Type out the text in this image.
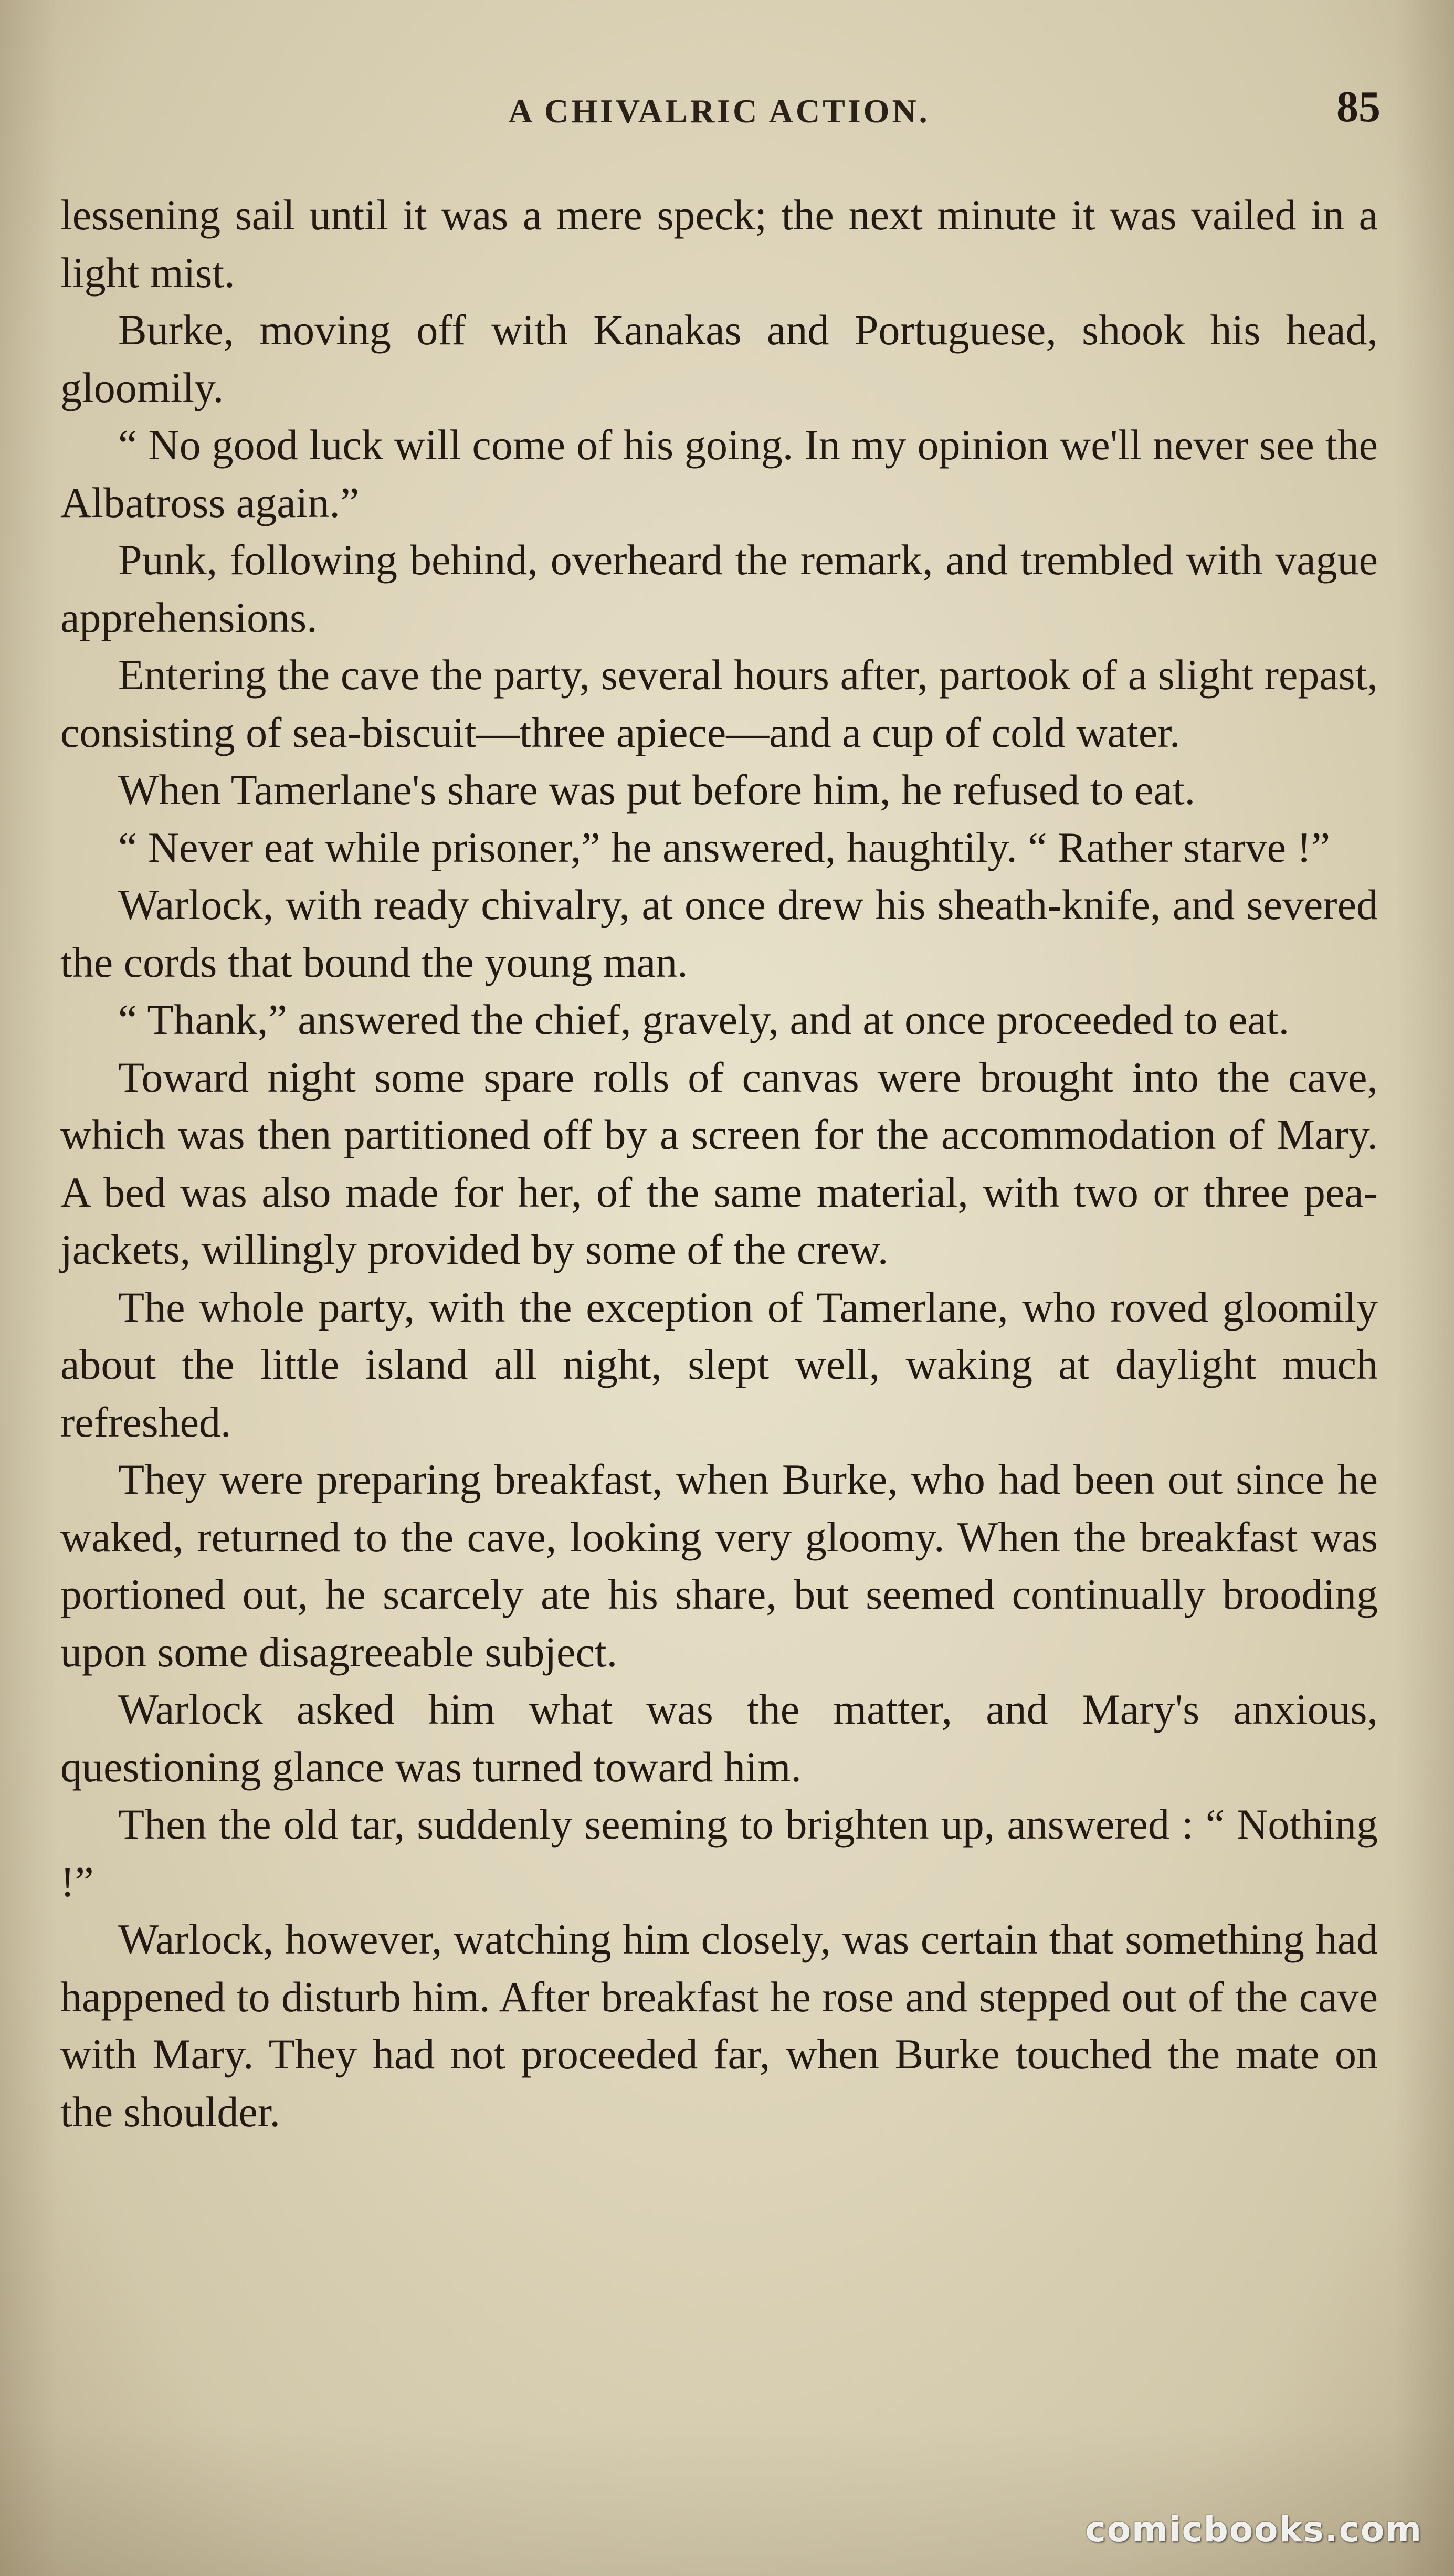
A CHIVALRIC ACTION.	85

lessening sail until it was a mere speck; the next minute it was vailed in a light mist.

Burke, moving off with Kanakas and Portuguese, shook his head, gloomily.

“ No good luck will come of his going. In my opinion we'll never see the Albatross again.”

Punk, following behind, overheard the remark, and trembled with vague apprehensions.

Entering the cave the party, several hours after, partook of a slight repast, consisting of sea-biscuit—three apiece—and a cup of cold water.

When Tamerlane's share was put before him, he refused to eat.

“ Never eat while prisoner,” he answered, haughtily. “ Rather starve !”

Warlock, with ready chivalry, at once drew his sheath-knife, and severed the cords that bound the young man.

“ Thank,” answered the chief, gravely, and at once proceeded to eat.

Toward night some spare rolls of canvas were brought into the cave, which was then partitioned off by a screen for the accommodation of Mary. A bed was also made for her, of the same material, with two or three pea-jackets, willingly provided by some of the crew.

The whole party, with the exception of Tamerlane, who roved gloomily about the little island all night, slept well, waking at daylight much refreshed.

They were preparing breakfast, when Burke, who had been out since he waked, returned to the cave, looking very gloomy. When the breakfast was portioned out, he scarcely ate his share, but seemed continually brooding upon some disagreeable subject.

Warlock asked him what was the matter, and Mary's anxious, questioning glance was turned toward him.

Then the old tar, suddenly seeming to brighten up, answered : “ Nothing !”

Warlock, however, watching him closely, was certain that something had happened to disturb him. After breakfast he rose and stepped out of the cave with Mary. They had not proceeded far, when Burke touched the mate on the shoulder.

comicbooks.com
